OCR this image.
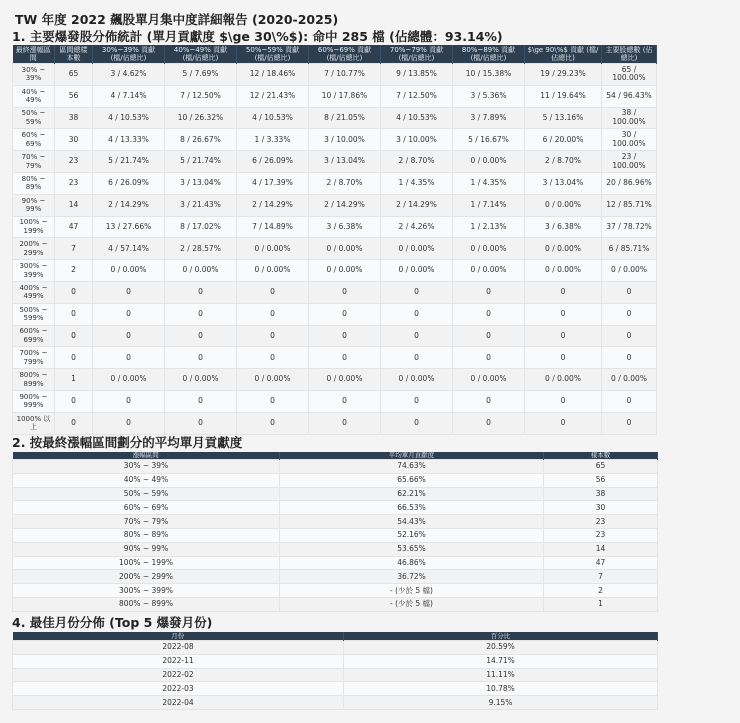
TW 年度 2022 飆股單月集中度詳細報告 (2020-2025)
1. 主要爆發股分佈統計 (單月貢獻度 $\ge 30\%$): 命中 285 檔 (佔總體：93.14%)
最終漲幅區間	區間總樣本數	30%~39% 貢獻 (檔/佔總比)	40%~49% 貢獻 (檔/佔總比)	50%~59% 貢獻 (檔/佔總比)	60%~69% 貢獻 (檔/佔總比)	70%~79% 貢獻 (檔/佔總比)	80%~89% 貢獻 (檔/佔總比)	$\ge 90\%$ 貢獻 (檔/佔總比)	主要股總數 (佔總比)
30% ~ 39%	65	3 / 4.62%	5 / 7.69%	12 / 18.46%	7 / 10.77%	9 / 13.85%	10 / 15.38%	19 / 29.23%	65 / 100.00%
40% ~ 49%	56	4 / 7.14%	7 / 12.50%	12 / 21.43%	10 / 17.86%	7 / 12.50%	3 / 5.36%	11 / 19.64%	54 / 96.43%
50% ~ 59%	38	4 / 10.53%	10 / 26.32%	4 / 10.53%	8 / 21.05%	4 / 10.53%	3 / 7.89%	5 / 13.16%	38 / 100.00%
60% ~ 69%	30	4 / 13.33%	8 / 26.67%	1 / 3.33%	3 / 10.00%	3 / 10.00%	5 / 16.67%	6 / 20.00%	30 / 100.00%
70% ~ 79%	23	5 / 21.74%	5 / 21.74%	6 / 26.09%	3 / 13.04%	2 / 8.70%	0 / 0.00%	2 / 8.70%	23 / 100.00%
80% ~ 89%	23	6 / 26.09%	3 / 13.04%	4 / 17.39%	2 / 8.70%	1 / 4.35%	1 / 4.35%	3 / 13.04%	20 / 86.96%
90% ~ 99%	14	2 / 14.29%	3 / 21.43%	2 / 14.29%	2 / 14.29%	2 / 14.29%	1 / 7.14%	0 / 0.00%	12 / 85.71%
100% ~ 199%	47	13 / 27.66%	8 / 17.02%	7 / 14.89%	3 / 6.38%	2 / 4.26%	1 / 2.13%	3 / 6.38%	37 / 78.72%
200% ~ 299%	7	4 / 57.14%	2 / 28.57%	0 / 0.00%	0 / 0.00%	0 / 0.00%	0 / 0.00%	0 / 0.00%	6 / 85.71%
300% ~ 399%	2	0 / 0.00%	0 / 0.00%	0 / 0.00%	0 / 0.00%	0 / 0.00%	0 / 0.00%	0 / 0.00%	0 / 0.00%
400% ~ 499%	0	0	0	0	0	0	0	0	0
500% ~ 599%	0	0	0	0	0	0	0	0	0
600% ~ 699%	0	0	0	0	0	0	0	0	0
700% ~ 799%	0	0	0	0	0	0	0	0	0
800% ~ 899%	1	0 / 0.00%	0 / 0.00%	0 / 0.00%	0 / 0.00%	0 / 0.00%	0 / 0.00%	0 / 0.00%	0 / 0.00%
900% ~ 999%	0	0	0	0	0	0	0	0	0
1000% 以上	0	0	0	0	0	0	0	0	0
2. 按最終漲幅區間劃分的平均單月貢獻度
漲幅區間	平均單月貢獻度	樣本數
30% ~ 39%	74.63%	65
40% ~ 49%	65.66%	56
50% ~ 59%	62.21%	38
60% ~ 69%	66.53%	30
70% ~ 79%	54.43%	23
80% ~ 89%	52.16%	23
90% ~ 99%	53.65%	14
100% ~ 199%	46.86%	47
200% ~ 299%	36.72%	7
300% ~ 399%	- (少於 5 檔)	2
800% ~ 899%	- (少於 5 檔)	1
4. 最佳月份分佈 (Top 5 爆發月份)
月份	百分比
2022-08	20.59%
2022-11	14.71%
2022-02	11.11%
2022-03	10.78%
2022-04	9.15%
